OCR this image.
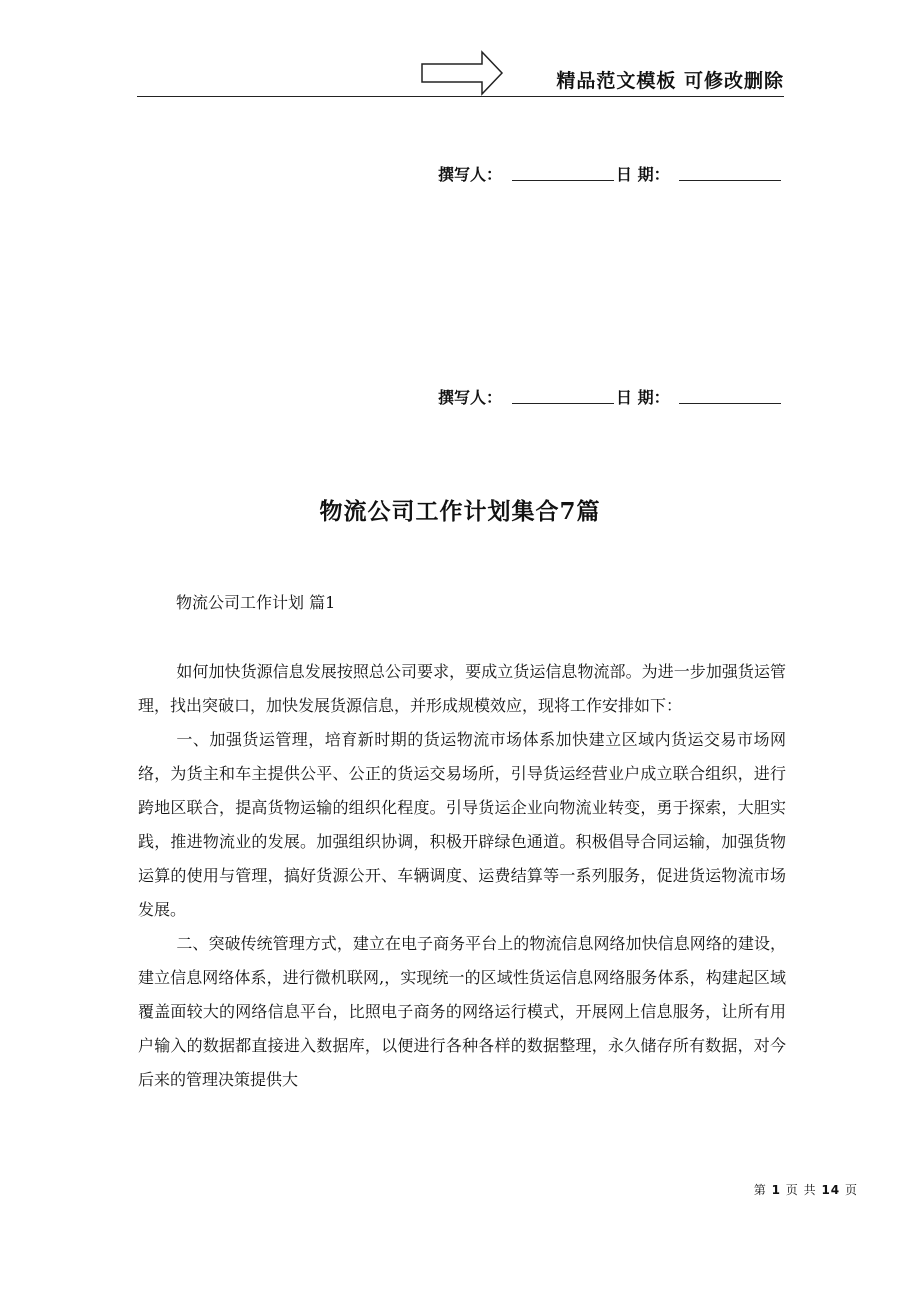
精品范文模板 可修改删除
撰写人：	日 期：
撰写人：	日 期：
物流公司工作计划集合7篇
物流公司工作计划 篇1

如何加快货源信息发展按照总公司要求，要成立货运信息物流部。为进一步加强货运管理，找出突破口，加快发展货源信息，并形成规模效应，现将工作安排如下：

一、加强货运管理，培育新时期的货运物流市场体系加快建立区域内货运交易市场网络，为货主和车主提供公平、公正的货运交易场所，引导货运经营业户成立联合组织，进行跨地区联合，提高货物运输的组织化程度。引导货运企业向物流业转变，勇于探索，大胆实践，推进物流业的发展。加强组织协调，积极开辟绿色通道。积极倡导合同运输，加强货物运算的使用与管理，搞好货源公开、车辆调度、运费结算等一系列服务，促进货运物流市场发展。

二、突破传统管理方式，建立在电子商务平台上的物流信息网络加快信息网络的建设，建立信息网络体系，进行微机联网,，实现统一的区域性货运信息网络服务体系，构建起区域覆盖面较大的网络信息平台，比照电子商务的网络运行模式，开展网上信息服务，让所有用户输入的数据都直接进入数据库，以便进行各种各样的数据整理，永久储存所有数据，对今后来的管理决策提供大

第 1 页 共 14 页
